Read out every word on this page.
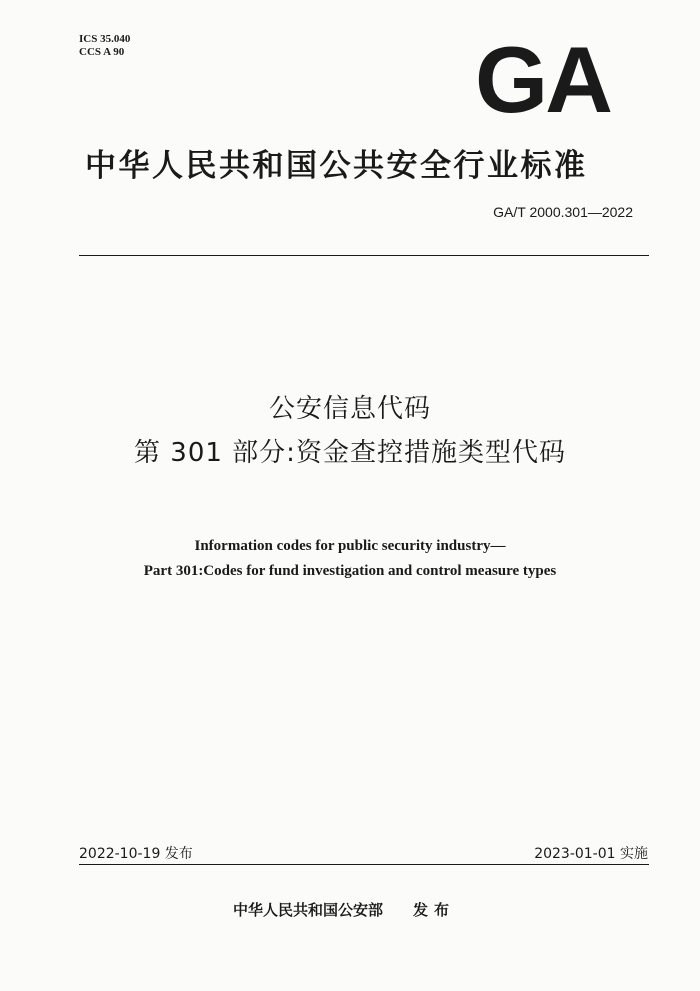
ICS 35.040
CCS A 90	GA
中华人民共和国公共安全行业标准
GA/T 2000.301—2022
公安信息代码
第 301 部分:资金查控措施类型代码
Information codes for public security industry—
Part 301:Codes for fund investigation and control measure types
2022-10-19 发布	2023-01-01 实施
中华人民共和国公安部 发布
